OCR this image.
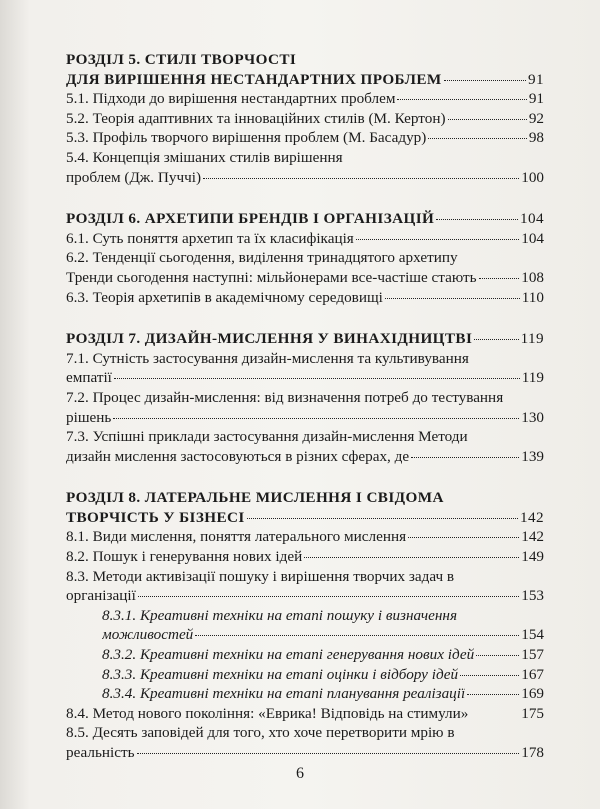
РОЗДІЛ 5. СТИЛІ ТВОРЧОСТІ
ДЛЯ ВИРІШЕННЯ НЕСТАНДАРТНИХ ПРОБЛЕМ	91
5.1. Підходи до вирішення нестандартних проблем	91
5.2. Теорія адаптивних та інноваційних стилів (М. Кертон)	92
5.3. Профіль творчого вирішення проблем (М. Басадур)	98
5.4. Концепція змішаних стилів вирішення
проблем (Дж. Пуччі)	100
РОЗДІЛ 6. АРХЕТИПИ БРЕНДІВ І ОРГАНІЗАЦІЙ	104
6.1. Суть поняття архетип та їх класифікація	104
6.2. Тенденції сьогодення, виділення тринадцятого архетипу
Тренди сьогодення наступні: мільйонерами все-частіше стають	108
6.3. Теорія архетипів в академічному середовищі	110
РОЗДІЛ 7. ДИЗАЙН-МИСЛЕННЯ У ВИНАХІДНИЦТВІ	119
7.1. Сутність застосування дизайн-мислення та культивування
емпатії	119
7.2. Процес дизайн-мислення: від визначення потреб до тестування
рішень	130
7.3. Успішні приклади застосування дизайн-мислення Методи
дизайн мислення застосовуються в різних сферах, де	139
РОЗДІЛ 8. ЛАТЕРАЛЬНЕ МИСЛЕННЯ І СВІДОМА
ТВОРЧІСТЬ У БІЗНЕСІ	142
8.1. Види мислення, поняття латерального мислення	142
8.2. Пошук і генерування нових ідей	149
8.3. Методи активізації пошуку і вирішення творчих задач в
організації	153
8.3.1. Креативні техніки на етапі пошуку і визначення
можливостей	154
8.3.2. Креативні техніки на етапі генерування нових ідей	157
8.3.3. Креативні техніки на етапі оцінки і відбору ідей	167
8.3.4. Креативні техніки на етапі планування реалізації	169
8.4. Метод нового покоління: «Еврика! Відповідь на стимули»	175
8.5. Десять заповідей для того, хто хоче перетворити мрію в
реальність	178
6
